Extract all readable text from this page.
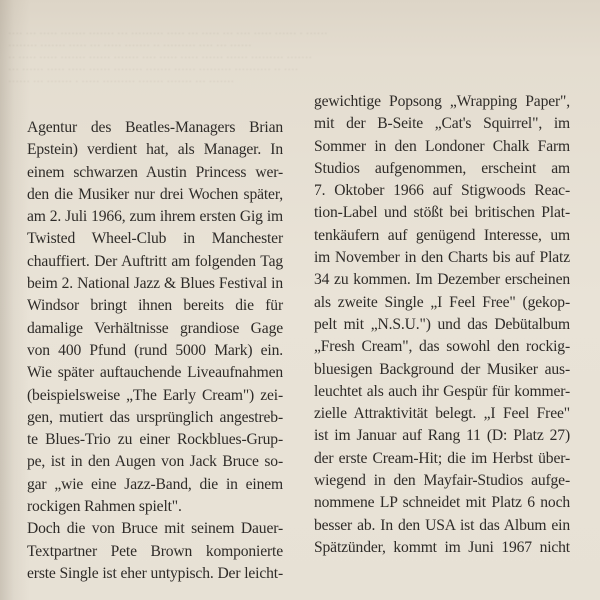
···· ··· ····· ······· ······· ··· ········· ····· ··· ····· ··· ···· ····· ······ · ······
········ ······· ····· ··· ····· ······· ·· ········· ···· ··· ······
·· ····· ····· ······· ······ ······· ···· ····· ····· ······ ······ ········· ·······
··· ······ ····· ····· ······ ········ ······· ······ ········· ·········· ·· ····
······ ··· ······· · ····· ········· ······· ······· ··· ·······
Agentur des Beatles-Managers Brian
Epstein) verdient hat, als Manager. In
einem schwarzen Austin Princess wer-
den die Musiker nur drei Wochen später,
am 2. Juli 1966, zum ihrem ersten Gig im
Twisted Wheel-Club in Manchester
chauffiert. Der Auftritt am folgenden Tag
beim 2. National Jazz & Blues Festival in
Windsor bringt ihnen bereits die für
damalige Verhältnisse grandiose Gage
von 400 Pfund (rund 5000 Mark) ein.
Wie später auftauchende Liveaufnahmen
(beispielsweise „The Early Cream") zei-
gen, mutiert das ursprünglich angestreb-
te Blues-Trio zu einer Rockblues-Grup-
pe, ist in den Augen von Jack Bruce so-
gar „wie eine Jazz-Band, die in einem
rockigen Rahmen spielt".
Doch die von Bruce mit seinem Dauer-
Textpartner Pete Brown komponierte
erste Single ist eher untypisch. Der leicht-
gewichtige Popsong „Wrapping Paper",
mit der B-Seite „Cat's Squirrel", im
Sommer in den Londoner Chalk Farm
Studios aufgenommen, erscheint am
7. Oktober 1966 auf Stigwoods Reac-
tion-Label und stößt bei britischen Plat-
tenkäufern auf genügend Interesse, um
im November in den Charts bis auf Platz
34 zu kommen. Im Dezember erscheinen
als zweite Single „I Feel Free" (gekop-
pelt mit „N.S.U.") und das Debütalbum
„Fresh Cream", das sowohl den rockig-
bluesigen Background der Musiker aus-
leuchtet als auch ihr Gespür für kommer-
zielle Attraktivität belegt. „I Feel Free"
ist im Januar auf Rang 11 (D: Platz 27)
der erste Cream-Hit; die im Herbst über-
wiegend in den Mayfair-Studios aufge-
nommene LP schneidet mit Platz 6 noch
besser ab. In den USA ist das Album ein
Spätzünder, kommt im Juni 1967 nicht
